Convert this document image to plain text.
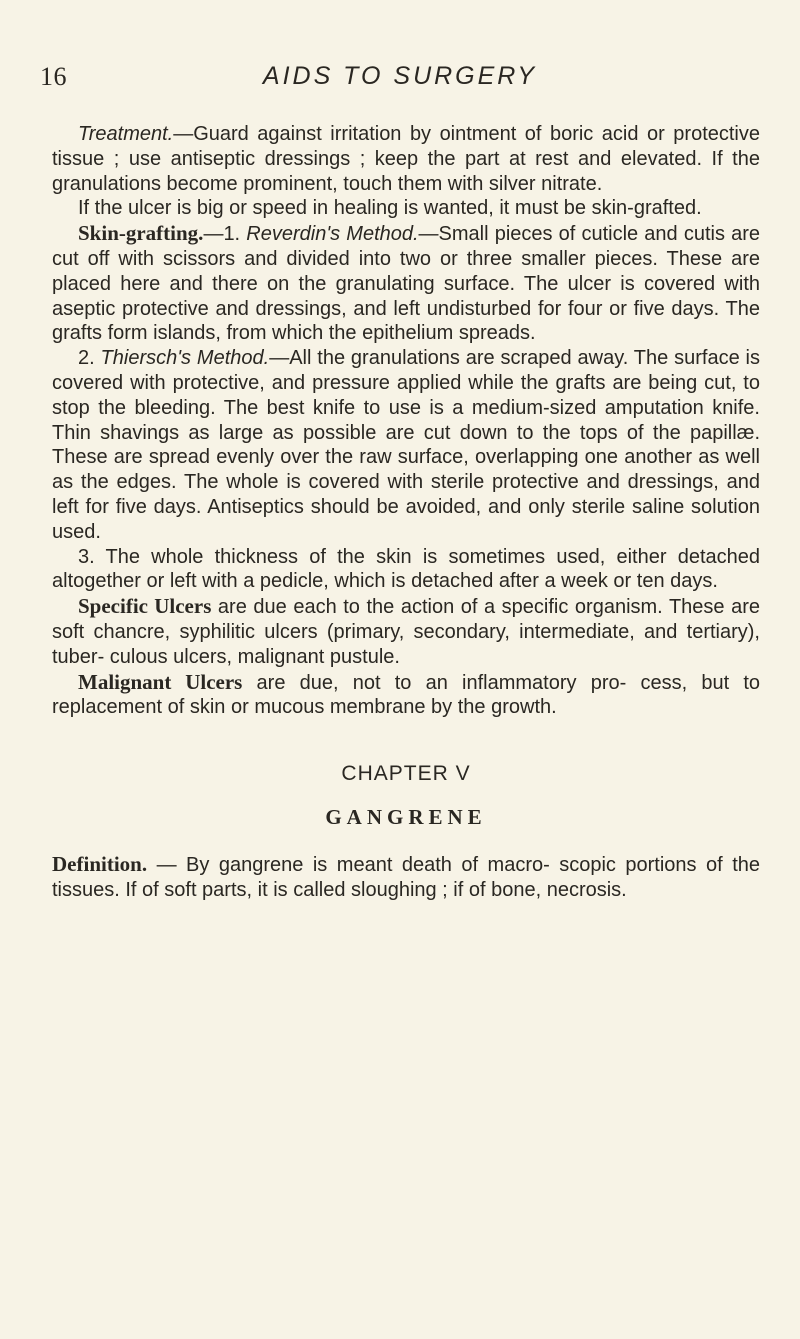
16	AIDS TO SURGERY

Treatment.—Guard against irritation by ointment of boric acid or protective tissue ; use antiseptic dressings ; keep the part at rest and elevated. If the granulations become prominent, touch them with silver nitrate.

If the ulcer is big or speed in healing is wanted, it must be skin-grafted.

Skin-grafting.—1. Reverdin's Method.—Small pieces of cuticle and cutis are cut off with scissors and divided into two or three smaller pieces. These are placed here and there on the granulating surface. The ulcer is covered with aseptic protective and dressings, and left undisturbed for four or five days. The grafts form islands, from which the epithelium spreads.

2. Thiersch's Method.—All the granulations are scraped away. The surface is covered with protective, and pressure applied while the grafts are being cut, to stop the bleeding. The best knife to use is a medium-sized amputation knife. Thin shavings as large as possible are cut down to the tops of the papillæ. These are spread evenly over the raw surface, overlapping one another as well as the edges. The whole is covered with sterile protective and dressings, and left for five days. Antiseptics should be avoided, and only sterile saline solution used.

3. The whole thickness of the skin is sometimes used, either detached altogether or left with a pedicle, which is detached after a week or ten days.

Specific Ulcers are due each to the action of a specific organism. These are soft chancre, syphilitic ulcers (primary, secondary, intermediate, and tertiary), tuber- culous ulcers, malignant pustule.

Malignant Ulcers are due, not to an inflammatory pro- cess, but to replacement of skin or mucous membrane by the growth.

CHAPTER V
GANGRENE

Definition. — By gangrene is meant death of macro- scopic portions of the tissues. If of soft parts, it is called sloughing ; if of bone, necrosis.
